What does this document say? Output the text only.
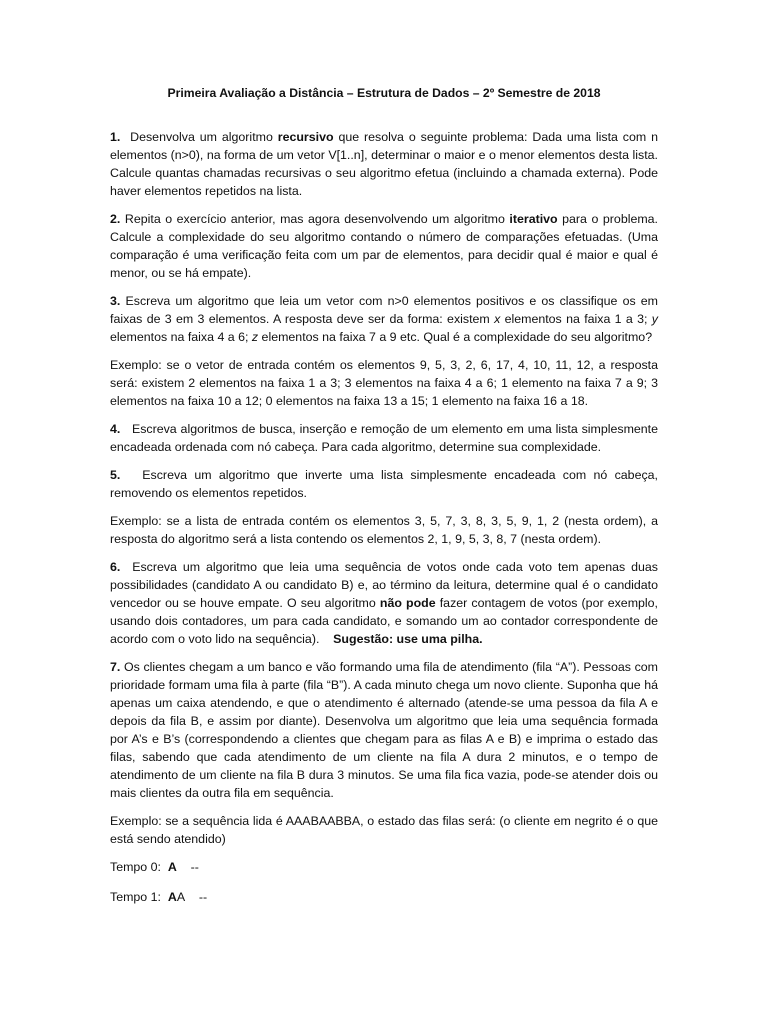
Primeira Avaliação a Distância – Estrutura de Dados – 2º Semestre de 2018

1. Desenvolva um algoritmo recursivo que resolva o seguinte problema: Dada uma lista com n elementos (n>0), na forma de um vetor V[1..n], determinar o maior e o menor elementos desta lista. Calcule quantas chamadas recursivas o seu algoritmo efetua (incluindo a chamada externa). Pode haver elementos repetidos na lista.

2. Repita o exercício anterior, mas agora desenvolvendo um algoritmo iterativo para o problema. Calcule a complexidade do seu algoritmo contando o número de comparações efetuadas. (Uma comparação é uma verificação feita com um par de elementos, para decidir qual é maior e qual é menor, ou se há empate).

3. Escreva um algoritmo que leia um vetor com n>0 elementos positivos e os classifique os em faixas de 3 em 3 elementos. A resposta deve ser da forma: existem x elementos na faixa 1 a 3; y elementos na faixa 4 a 6; z elementos na faixa 7 a 9 etc. Qual é a complexidade do seu algoritmo?

Exemplo: se o vetor de entrada contém os elementos 9, 5, 3, 2, 6, 17, 4, 10, 11, 12, a resposta será: existem 2 elementos na faixa 1 a 3; 3 elementos na faixa 4 a 6; 1 elemento na faixa 7 a 9; 3 elementos na faixa 10 a 12; 0 elementos na faixa 13 a 15; 1 elemento na faixa 16 a 18.

4. Escreva algoritmos de busca, inserção e remoção de um elemento em uma lista simplesmente encadeada ordenada com nó cabeça. Para cada algoritmo, determine sua complexidade.

5. Escreva um algoritmo que inverte uma lista simplesmente encadeada com nó cabeça, removendo os elementos repetidos.

Exemplo: se a lista de entrada contém os elementos 3, 5, 7, 3, 8, 3, 5, 9, 1, 2 (nesta ordem), a resposta do algoritmo será a lista contendo os elementos 2, 1, 9, 5, 3, 8, 7 (nesta ordem).

6. Escreva um algoritmo que leia uma sequência de votos onde cada voto tem apenas duas possibilidades (candidato A ou candidato B) e, ao término da leitura, determine qual é o candidato vencedor ou se houve empate. O seu algoritmo não pode fazer contagem de votos (por exemplo, usando dois contadores, um para cada candidato, e somando um ao contador correspondente de acordo com o voto lido na sequência). Sugestão: use uma pilha.

7. Os clientes chegam a um banco e vão formando uma fila de atendimento (fila “A”). Pessoas com prioridade formam uma fila à parte (fila “B”). A cada minuto chega um novo cliente. Suponha que há apenas um caixa atendendo, e que o atendimento é alternado (atende-se uma pessoa da fila A e depois da fila B, e assim por diante). Desenvolva um algoritmo que leia uma sequência formada por A’s e B’s (correspondendo a clientes que chegam para as filas A e B) e imprima o estado das filas, sabendo que cada atendimento de um cliente na fila A dura 2 minutos, e o tempo de atendimento de um cliente na fila B dura 3 minutos. Se uma fila fica vazia, pode-se atender dois ou mais clientes da outra fila em sequência.

Exemplo: se a sequência lida é AAABAABBA, o estado das filas será: (o cliente em negrito é o que está sendo atendido)

Tempo 0: A --

Tempo 1: AA --
